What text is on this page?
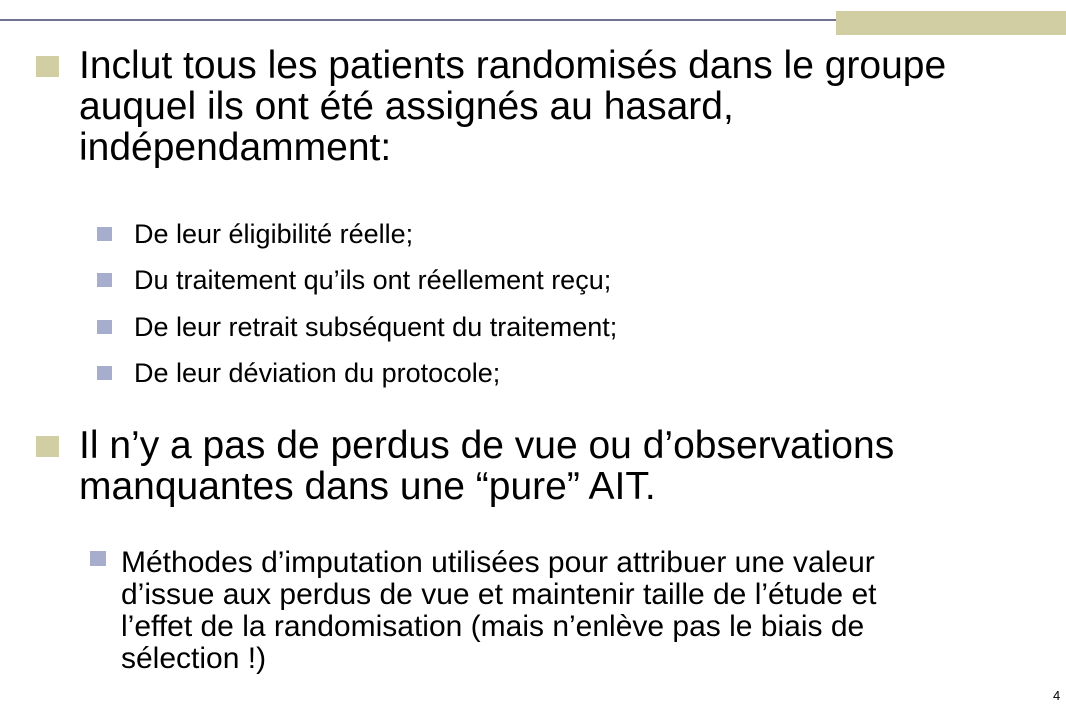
Inclut tous les patients randomisés dans le groupe
auquel ils ont été assignés au hasard,
indépendamment:
De leur éligibilité réelle;
Du traitement qu’ils ont réellement reçu;
De leur retrait subséquent du traitement;
De leur déviation du protocole;
Il n’y a pas de perdus de vue ou d’observations
manquantes dans une “pure” AIT.
Méthodes d’imputation utilisées pour attribuer une valeur
d’issue aux perdus de vue et maintenir taille de l’étude et
l’effet de la randomisation (mais n’enlève pas le biais de
sélection !)
4
